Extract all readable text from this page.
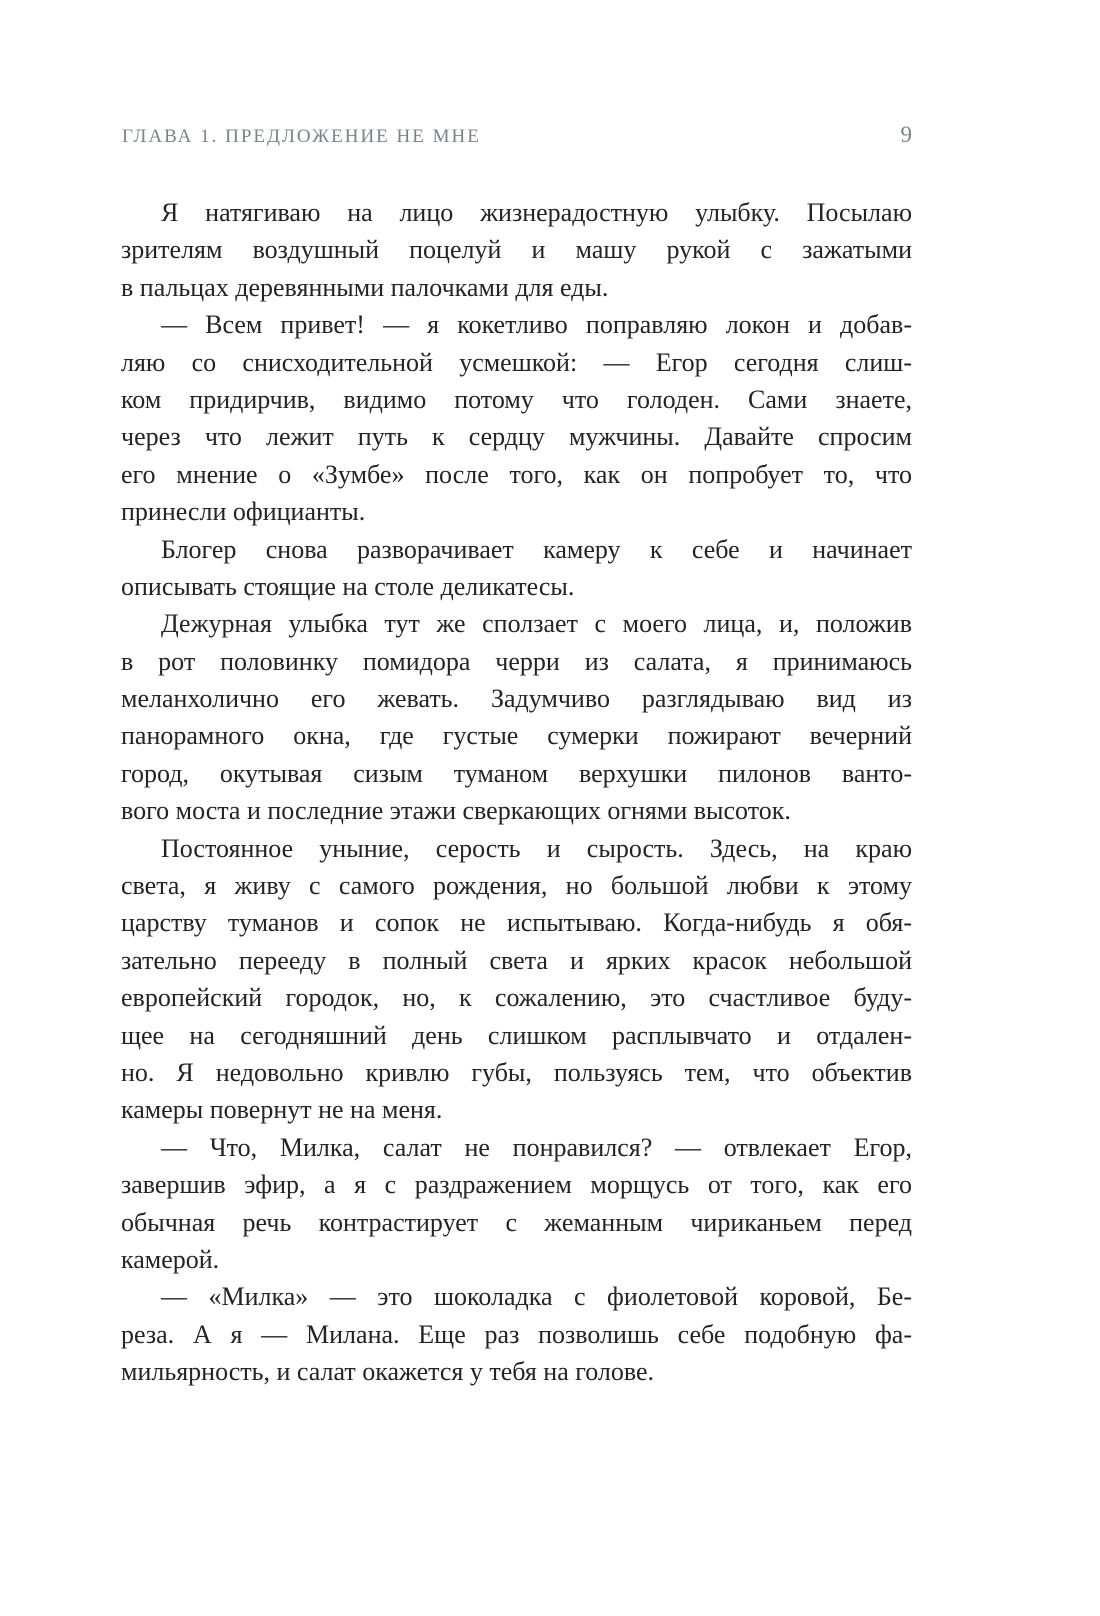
ГЛАВА 1. ПРЕДЛОЖЕНИЕ НЕ МНЕ	9
Я натягиваю на лицо жизнерадостную улыбку. Посылаю
зрителям воздушный поцелуй и машу рукой с зажатыми
в пальцах деревянными палочками для еды.
— Всем привет! — я кокетливо поправляю локон и добав-
ляю со снисходительной усмешкой: — Егор сегодня слиш-
ком придирчив, видимо потому что голоден. Сами знаете,
через что лежит путь к сердцу мужчины. Давайте спросим
его мнение о «Зумбе» после того, как он попробует то, что
принесли официанты.
Блогер снова разворачивает камеру к себе и начинает
описывать стоящие на столе деликатесы.
Дежурная улыбка тут же сползает с моего лица, и, положив
в рот половинку помидора черри из салата, я принимаюсь
меланхолично его жевать. Задумчиво разглядываю вид из
панорамного окна, где густые сумерки пожирают вечерний
город, окутывая сизым туманом верхушки пилонов ванто-
вого моста и последние этажи сверкающих огнями высоток.
Постоянное уныние, серость и сырость. Здесь, на краю
света, я живу с самого рождения, но большой любви к этому
царству туманов и сопок не испытываю. Когда-нибудь я обя-
зательно перееду в полный света и ярких красок небольшой
европейский городок, но, к сожалению, это счастливое буду-
щее на сегодняшний день слишком расплывчато и отдален-
но. Я недовольно кривлю губы, пользуясь тем, что объектив
камеры повернут не на меня.
— Что, Милка, салат не понравился? — отвлекает Егор,
завершив эфир, а я с раздражением морщусь от того, как его
обычная речь контрастирует с жеманным чириканьем перед
камерой.
— «Милка» — это шоколадка с фиолетовой коровой, Бе-
реза. А я — Милана. Еще раз позволишь себе подобную фа-
мильярность, и салат окажется у тебя на голове.
